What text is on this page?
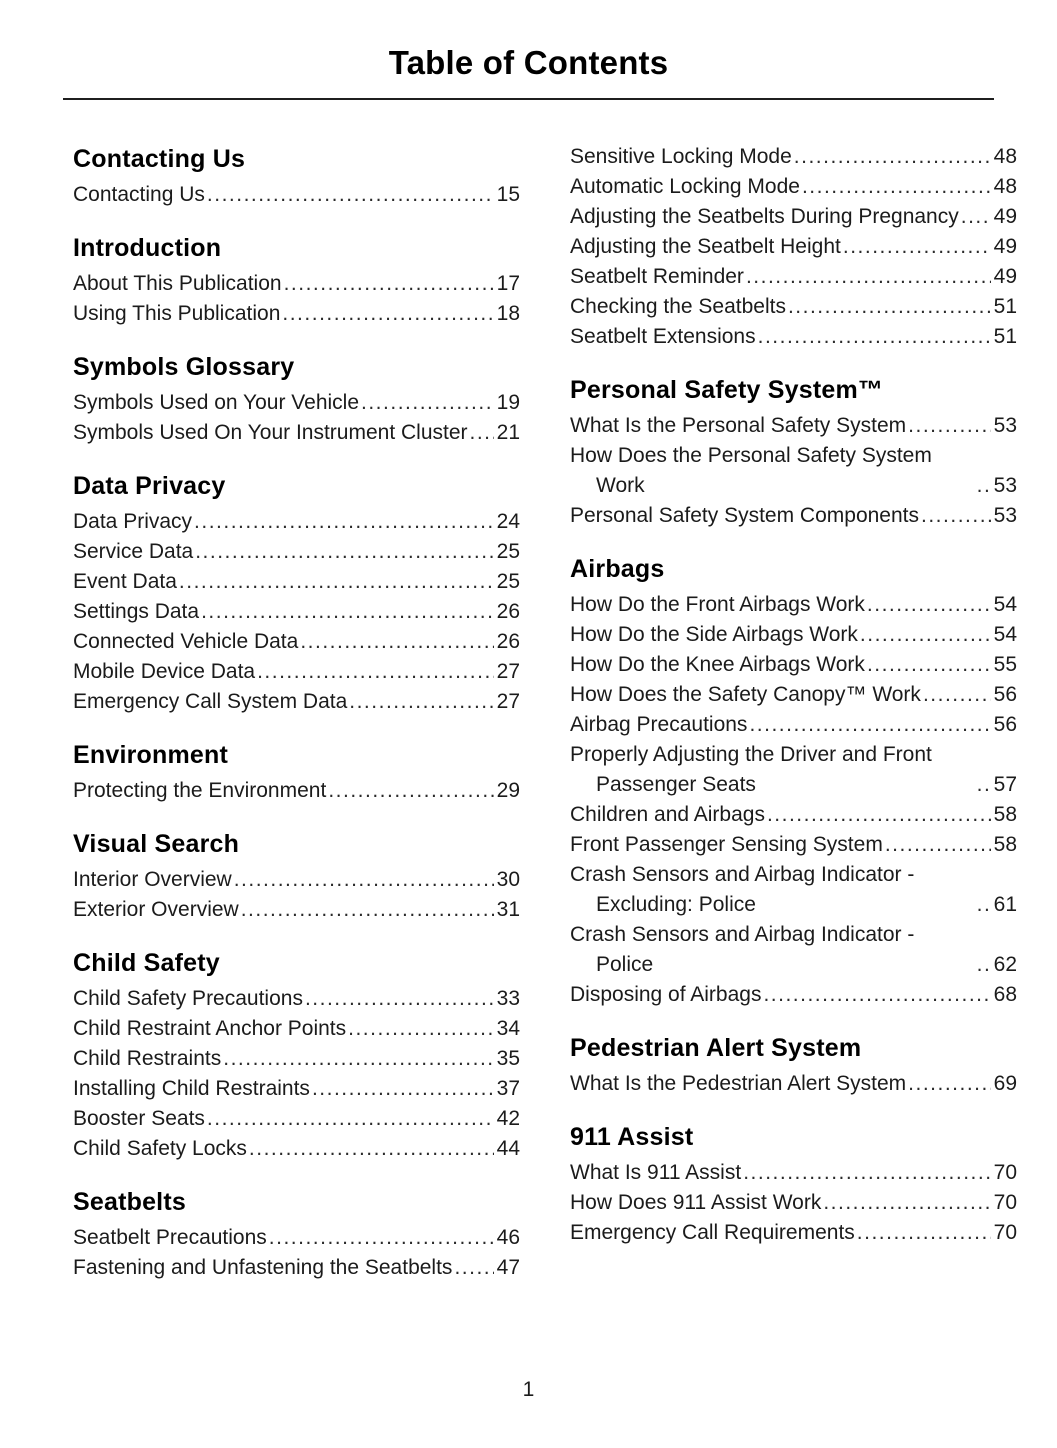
Table of Contents
Contacting Us
Contacting Us .....	15
Introduction
About This Publication .....	17
Using This Publication .....	18
Symbols Glossary
Symbols Used on Your Vehicle .....	19
Symbols Used On Your Instrument Cluster ..... 21
Data Privacy
Data Privacy .....	24
Service Data .....	25
Event Data .....	25
Settings Data .....	26
Connected Vehicle Data .....	26
Mobile Device Data .....	27
Emergency Call System Data .....	27
Environment
Protecting the Environment .....	29
Visual Search
Interior Overview .....	30
Exterior Overview .....	31
Child Safety
Child Safety Precautions .....	33
Child Restraint Anchor Points .....	34
Child Restraints .....	35
Installing Child Restraints .....	37
Booster Seats .....	42
Child Safety Locks .....	44
Seatbelts
Seatbelt Precautions .....	46
Fastening and Unfastening the Seatbelts ..... 47
Sensitive Locking Mode .....	48
Automatic Locking Mode .....	48
Adjusting the Seatbelts During Pregnancy ..... 49
Adjusting the Seatbelt Height .....	49
Seatbelt Reminder .....	49
Checking the Seatbelts .....	51
Seatbelt Extensions .....	51
Personal Safety System™
What Is the Personal Safety System .....	53
How Does the Personal Safety System Work .....	53
Personal Safety System Components .....	53
Airbags
How Do the Front Airbags Work .....	54
How Do the Side Airbags Work .....	54
How Do the Knee Airbags Work .....	55
How Does the Safety Canopy™ Work .....	56
Airbag Precautions .....	56
Properly Adjusting the Driver and Front Passenger Seats .....	57
Children and Airbags .....	58
Front Passenger Sensing System .....	58
Crash Sensors and Airbag Indicator - Excluding: Police .....	61
Crash Sensors and Airbag Indicator - Police .....	62
Disposing of Airbags .....	68
Pedestrian Alert System
What Is the Pedestrian Alert System .....	69
911 Assist
What Is 911 Assist .....	70
How Does 911 Assist Work .....	70
Emergency Call Requirements .....	70
1
